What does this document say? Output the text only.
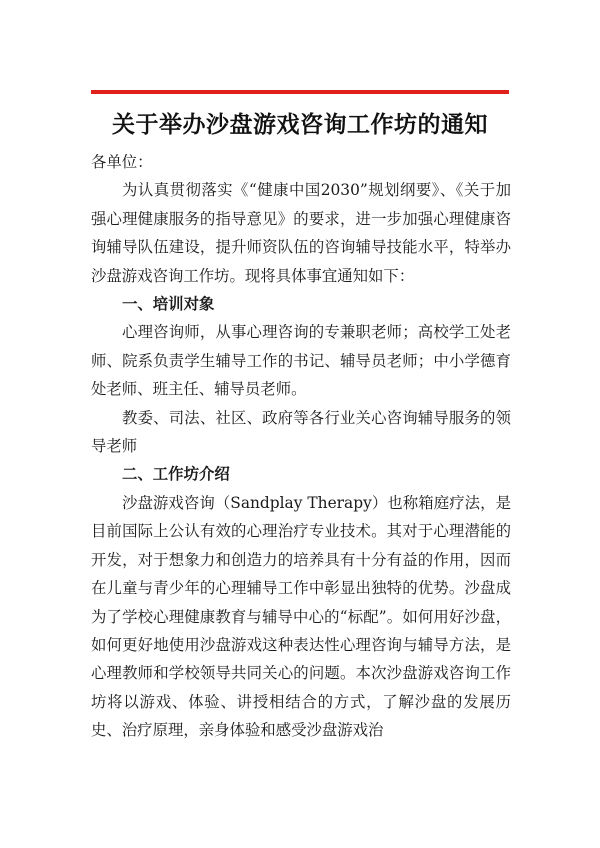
关于举办沙盘游戏咨询工作坊的通知

各单位：

为认真贯彻落实《“健康中国2030”规划纲要》、《关于加强心理健康服务的指导意见》的要求，进一步加强心理健康咨询辅导队伍建设，提升师资队伍的咨询辅导技能水平，特举办沙盘游戏咨询工作坊。现将具体事宜通知如下：

一、培训对象

心理咨询师，从事心理咨询的专兼职老师；高校学工处老师、院系负责学生辅导工作的书记、辅导员老师；中小学德育处老师、班主任、辅导员老师。

教委、司法、社区、政府等各行业关心咨询辅导服务的领导老师

二、工作坊介绍

沙盘游戏咨询（Sandplay Therapy）也称箱庭疗法，是目前国际上公认有效的心理治疗专业技术。其对于心理潜能的开发，对于想象力和创造力的培养具有十分有益的作用，因而在儿童与青少年的心理辅导工作中彰显出独特的优势。沙盘成为了学校心理健康教育与辅导中心的“标配”。如何用好沙盘，如何更好地使用沙盘游戏这种表达性心理咨询与辅导方法，是心理教师和学校领导共同关心的问题。本次沙盘游戏咨询工作坊将以游戏、体验、讲授相结合的方式，了解沙盘的发展历史、治疗原理，亲身体验和感受沙盘游戏治
